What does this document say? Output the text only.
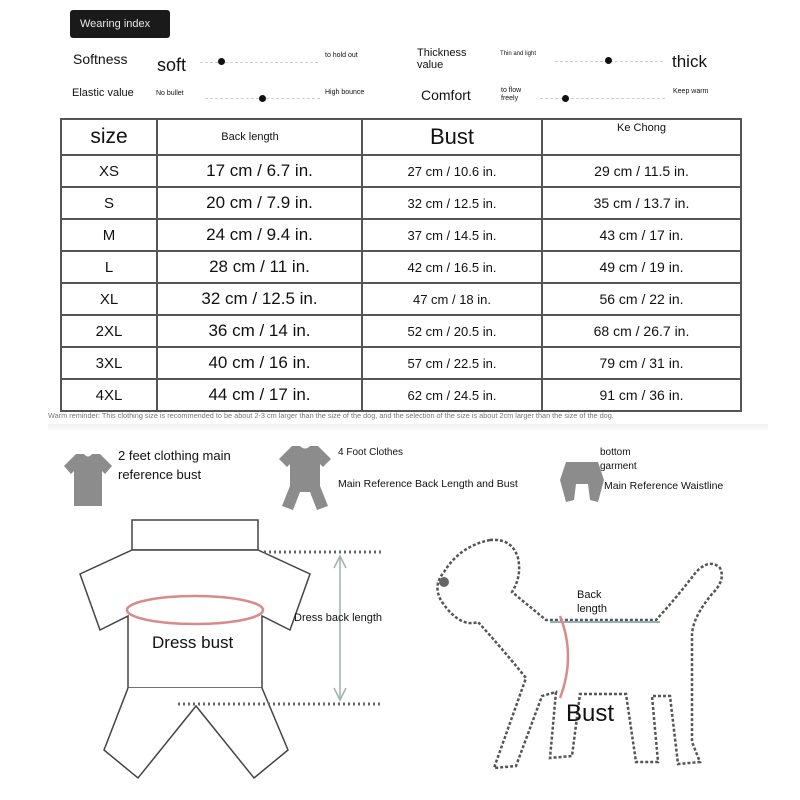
Wearing index
Softness soft	to hold out
Elastic value	No bullet	High bounce
Thickness value
Thin and light	thick
Comfort	to flow freely
Keep warm
size	Back length	Bust	Ke Chong
XS	17 cm / 6.7 in.	27 cm / 10.6 in.	29 cm / 11.5 in.
S	20 cm / 7.9 in.	32 cm / 12.5 in.	35 cm / 13.7 in.
M	24 cm / 9.4 in.	37 cm / 14.5 in.	43 cm / 17 in.
L	28 cm / 11 in.	42 cm / 16.5 in.	49 cm / 19 in.
XL	32 cm / 12.5 in.	47 cm / 18 in.	56 cm / 22 in.
2XL	36 cm / 14 in.	52 cm / 20.5 in.	68 cm / 26.7 in.
3XL	40 cm / 16 in.	57 cm / 22.5 in.	79 cm / 31 in.
4XL	44 cm / 17 in.	62 cm / 24.5 in.	91 cm / 36 in.
Warm reminder: This clothing size is recommended to be about 2-3 cm larger than the size of the dog, and the selection of the size is about 2cm larger than the size of the dog.
2 feet clothing main reference bust
4 Foot Clothes
Main Reference Back Length and Bust
bottom garment
Main Reference Waistline
Dress bust
Dress back length
Back length
Bust
